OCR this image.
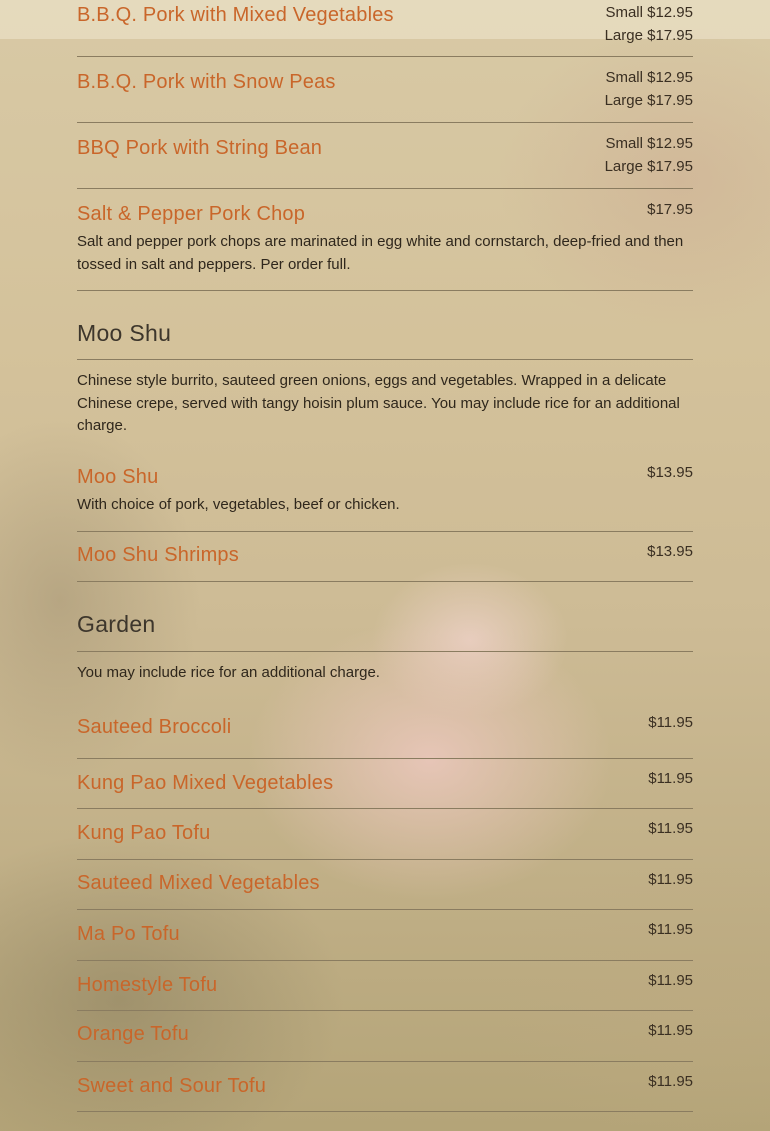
B.B.Q. Pork with Mixed Vegetables	Small $12.95
Large $17.95
B.B.Q. Pork with Snow Peas	Small $12.95
Large $17.95
BBQ Pork with String Bean	Small $12.95
Large $17.95
Salt & Pepper Pork Chop	$17.95

Salt and pepper pork chops are marinated in egg white and cornstarch, deep-fried and then tossed in salt and peppers. Per order full.

Moo Shu

Chinese style burrito, sauteed green onions, eggs and vegetables. Wrapped in a delicate Chinese crepe, served with tangy hoisin plum sauce. You may include rice for an additional charge.

Moo Shu	$13.95

With choice of pork, vegetables, beef or chicken.

Moo Shu Shrimps	$13.95
Garden

You may include rice for an additional charge.

Sauteed Broccoli	$11.95
Kung Pao Mixed Vegetables	$11.95
Kung Pao Tofu	$11.95
Sauteed Mixed Vegetables	$11.95
Ma Po Tofu	$11.95
Homestyle Tofu	$11.95
Orange Tofu	$11.95
Sweet and Sour Tofu	$11.95
